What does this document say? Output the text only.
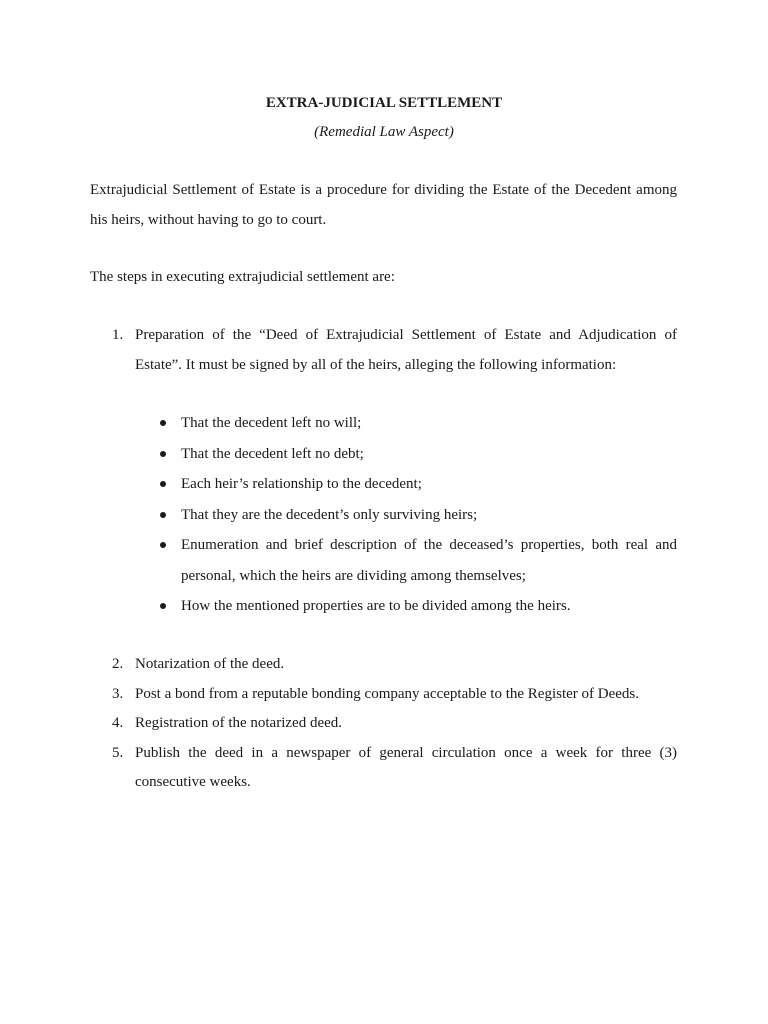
EXTRA-JUDICIAL SETTLEMENT
(Remedial Law Aspect)

Extrajudicial Settlement of Estate is a procedure for dividing the Estate of the Decedent among his heirs, without having to go to court.

The steps in executing extrajudicial settlement are:

1. Preparation of the “Deed of Extrajudicial Settlement of Estate and Adjudication of Estate”. It must be signed by all of the heirs, alleging the following information:
That the decedent left no will;
That the decedent left no debt;
Each heir’s relationship to the decedent;
That they are the decedent’s only surviving heirs;
Enumeration and brief description of the deceased’s properties, both real and personal, which the heirs are dividing among themselves;
How the mentioned properties are to be divided among the heirs.
2. Notarization of the deed.
3. Post a bond from a reputable bonding company acceptable to the Register of Deeds.
4. Registration of the notarized deed.
5. Publish the deed in a newspaper of general circulation once a week for three (3) consecutive weeks.
